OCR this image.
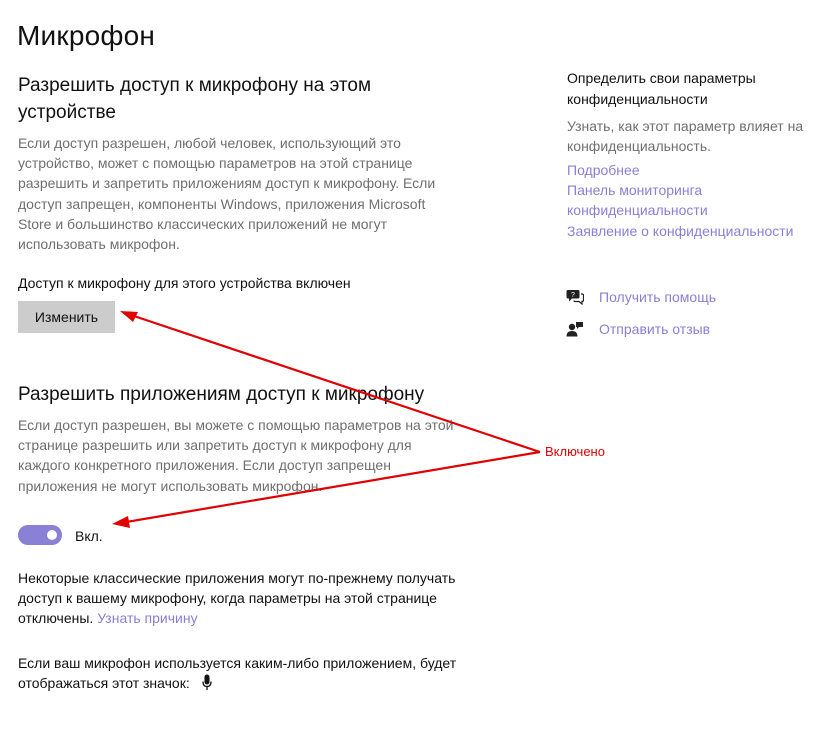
Микрофон
Разрешить доступ к микрофону на этом устройстве

Если доступ разрешен, любой человек, использующий это устройство, может с помощью параметров на этой странице разрешить и запретить приложениям доступ к микрофону. Если доступ запрещен, компоненты Windows, приложения Microsoft Store и большинство классических приложений не могут использовать микрофон.

Доступ к микрофону для этого устройства включен

Изменить
Разрешить приложениям доступ к микрофону

Если доступ разрешен, вы можете с помощью параметров на этой странице разрешить или запретить доступ к микрофону для каждого конкретного приложения. Если доступ запрещен приложения не могут использовать микрофон.

Вкл.

Некоторые классические приложения могут по-прежнему получать доступ к вашему микрофону, когда параметры на этой странице отключены. Узнать причину

Если ваш микрофон используется каким-либо приложением, будет отображаться этот значок:

Определить свои параметры конфиденциальности

Узнать, как этот параметр влияет на конфиденциальность.

Подробнее
Панель мониторинга конфиденциальности
Заявление о конфиденциальности
? Получить помощь
Отправить отзыв
Включено
